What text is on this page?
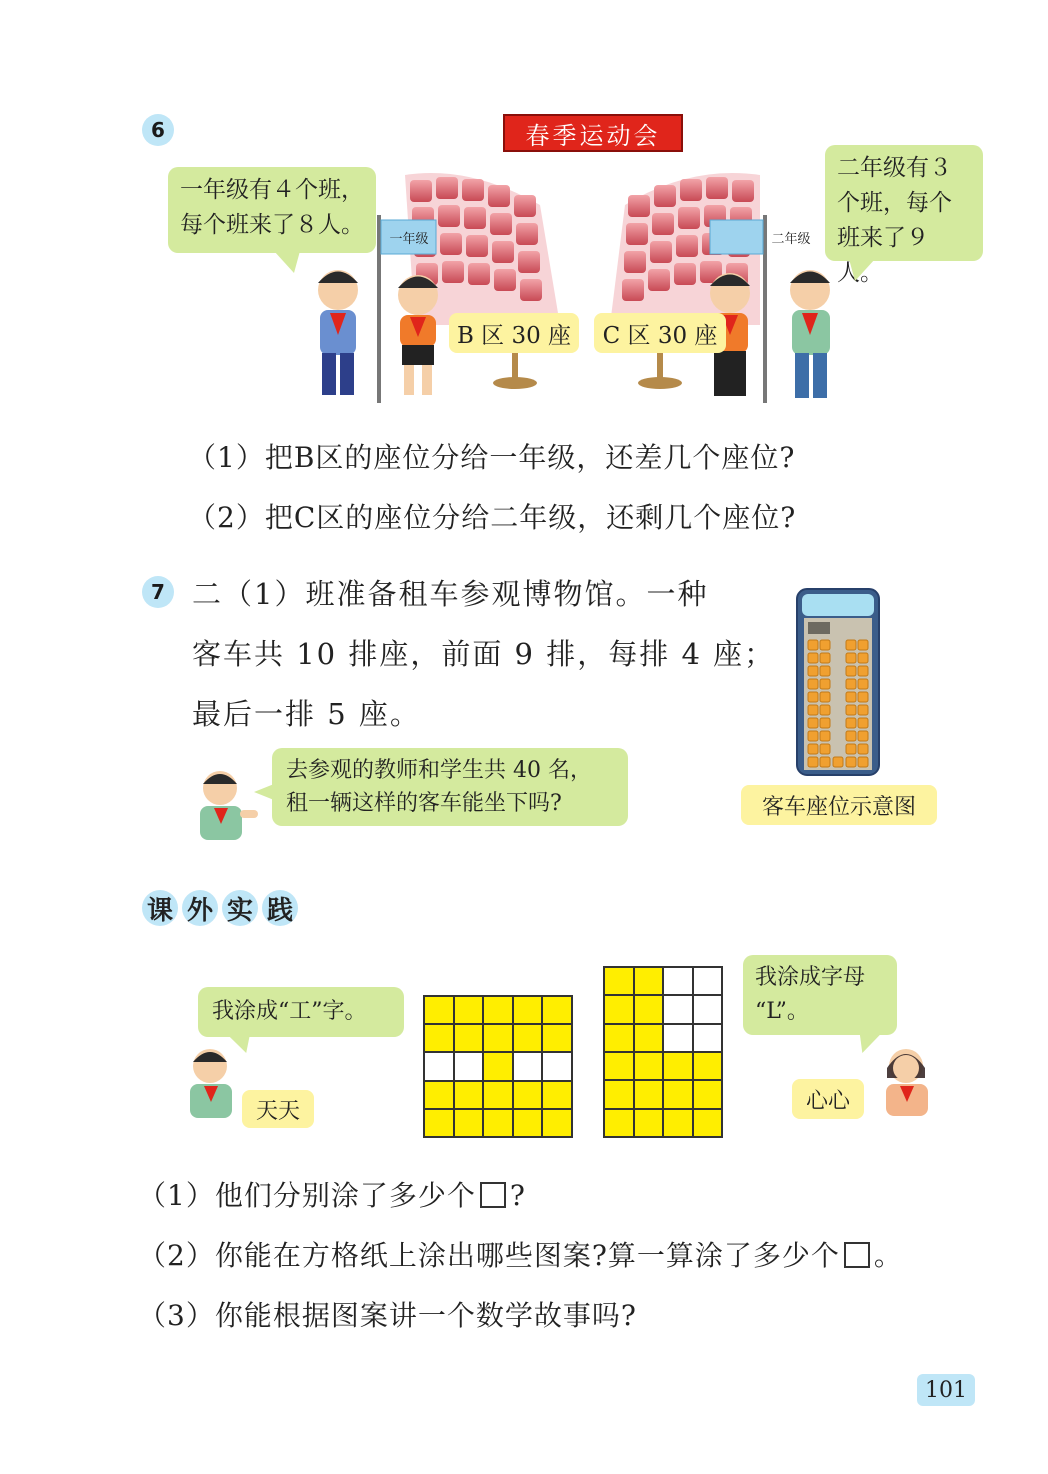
6	春季运动会
一年级有４个班，
每个班来了８人。
二年级有３
个班，每个
班来了９人。
一年级	二年级
B 区 30 座	C 区 30 座
（1）把B区的座位分给一年级，还差几个座位?
（2）把C区的座位分给二年级，还剩几个座位?
7 二（1）班准备租车参观博物馆。一种
客车共 10 排座，前面 9 排，每排 4 座；
最后一排 5 座。
客车座位示意图
去参观的教师和学生共 40 名，
租一辆这样的客车能坐下吗?
课 外 实 践
我涂成“工”字。
天天
我涂成字母
“L”。
心心
（1）他们分别涂了多少个 ?
（2）你能在方格纸上涂出哪些图案?算一算涂了多少个 。
（3）你能根据图案讲一个数学故事吗?
101
